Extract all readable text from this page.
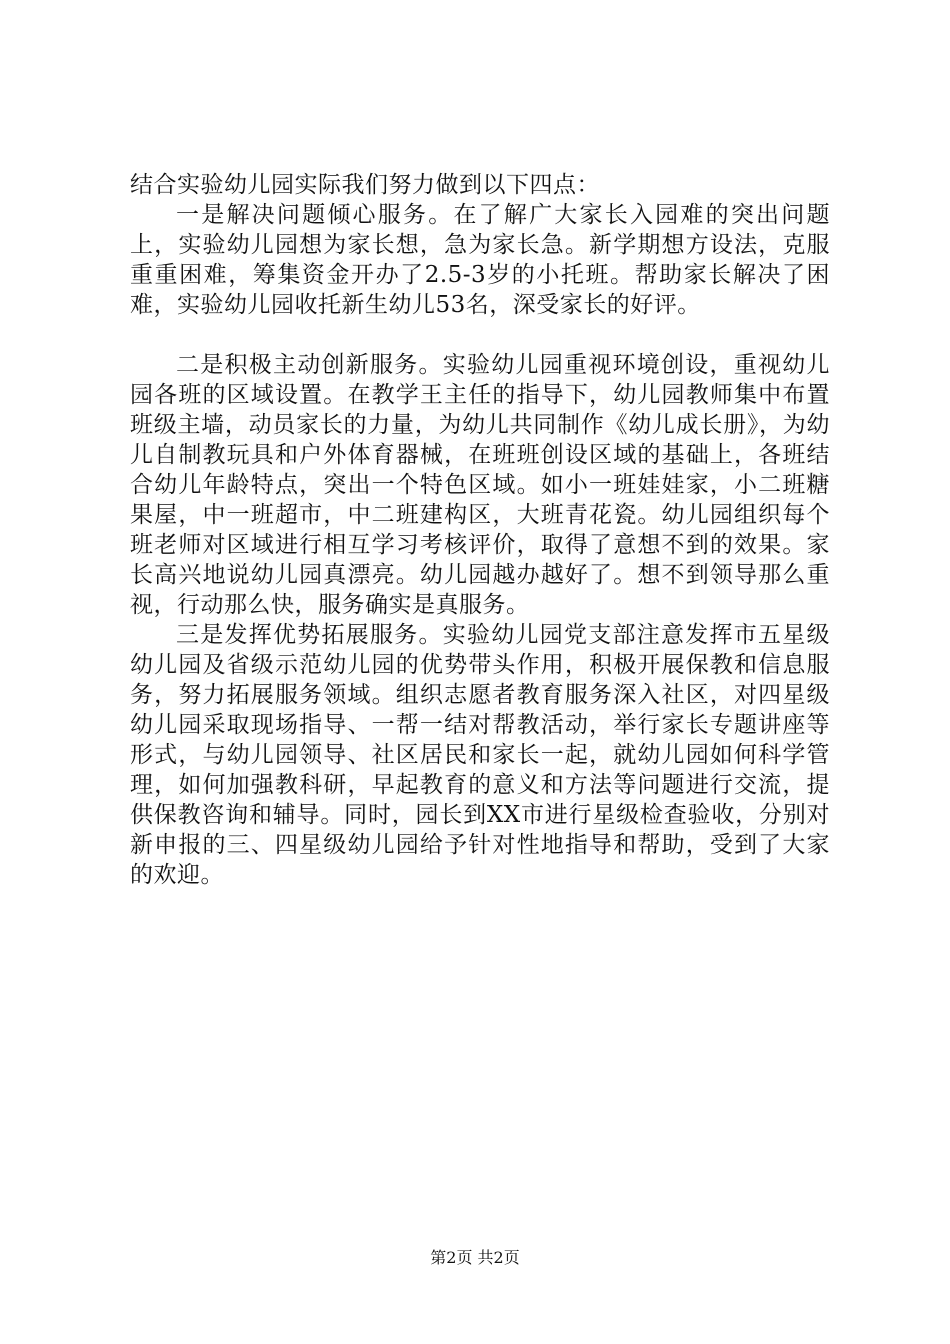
结合实验幼儿园实际我们努力做到以下四点：

一是解决问题倾心服务。在了解广大家长入园难的突出问题上，实验幼儿园想为家长想，急为家长急。新学期想方设法，克服重重困难，筹集资金开办了2.5-3岁的小托班。帮助家长解决了困难，实验幼儿园收托新生幼儿53名，深受家长的好评。

二是积极主动创新服务。实验幼儿园重视环境创设，重视幼儿园各班的区域设置。在教学王主任的指导下，幼儿园教师集中布置班级主墙，动员家长的力量，为幼儿共同制作《幼儿成长册》，为幼儿自制教玩具和户外体育器械，在班班创设区域的基础上，各班结合幼儿年龄特点，突出一个特色区域。如小一班娃娃家，小二班糖果屋，中一班超市，中二班建构区，大班青花瓷。幼儿园组织每个班老师对区域进行相互学习考核评价，取得了意想不到的效果。家长高兴地说幼儿园真漂亮。幼儿园越办越好了。想不到领导那么重视，行动那么快，服务确实是真服务。

三是发挥优势拓展服务。实验幼儿园党支部注意发挥市五星级幼儿园及省级示范幼儿园的优势带头作用，积极开展保教和信息服务，努力拓展服务领域。组织志愿者教育服务深入社区，对四星级幼儿园采取现场指导、一帮一结对帮教活动，举行家长专题讲座等形式，与幼儿园领导、社区居民和家长一起，就幼儿园如何科学管理，如何加强教科研，早起教育的意义和方法等问题进行交流，提供保教咨询和辅导。同时，园长到XX市进行星级检查验收，分别对新申报的三、四星级幼儿园给予针对性地指导和帮助，受到了大家的欢迎。

第2页 共2页
